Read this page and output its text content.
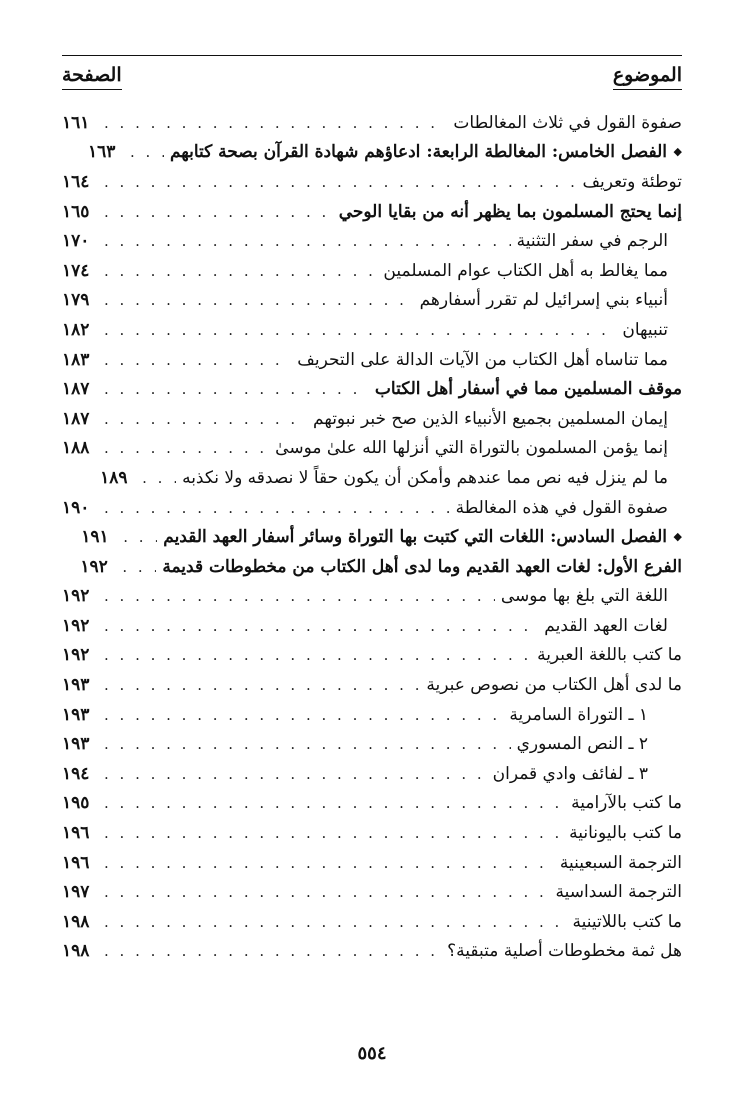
الموضوع
الصفحة
صفوة القول في ثلاث المغالطات
. . .
١٦١
◆
الفصل الخامس: المغالطة الرابعة: ادعاؤهم شهادة القرآن بصحة كتابهم
. . .
١٦٣
توطئة وتعريف
. . .
١٦٤
إنما يحتج المسلمون بما يظهر أنه من بقايا الوحي
. . .
١٦٥
الرجم في سفر التثنية
. . .
١٧٠
مما يغالط به أهل الكتاب عوام المسلمين
. . .
١٧٤
أنبياء بني إسرائيل لم تقرر أسفارهم
. . .
١٧٩
تنبيهان
. . .
١٨٢
مما تناساه أهل الكتاب من الآيات الدالة على التحريف
. . .
١٨٣
موقف المسلمين مما في أسفار أهل الكتاب
. . .
١٨٧
إيمان المسلمين بجميع الأنبياء الذين صح خبر نبوتهم
. . .
١٨٧
إنما يؤمن المسلمون بالتوراة التي أنزلها الله علىٰ موسىٰ
. . .
١٨٨
ما لم ينزل فيه نص مما عندهم وأمكن أن يكون حقاً لا نصدقه ولا نكذبه
. . .
١٨٩
صفوة القول في هذه المغالطة
. . .
١٩٠
◆
الفصل السادس: اللغات التي كتبت بها التوراة وسائر أسفار العهد القديم
. . .
١٩١
الفرع الأول: لغات العهد القديم وما لدى أهل الكتاب من مخطوطات قديمة
. . .
١٩٢
اللغة التي بلغ بها موسى
. . .
١٩٢
لغات العهد القديم
. . .
١٩٢
ما كتب باللغة العبرية
. . .
١٩٢
ما لدى أهل الكتاب من نصوص عبرية
. . .
١٩٣
١ ـ التوراة السامرية
. . .
١٩٣
٢ ـ النص المسوري
. . .
١٩٣
٣ ـ لفائف وادي قمران
. . .
١٩٤
ما كتب بالآرامية
. . .
١٩٥
ما كتب باليونانية
. . .
١٩٦
الترجمة السبعينية
. . .
١٩٦
الترجمة السداسية
. . .
١٩٧
ما كتب باللاتينية
. . .
١٩٨
هل ثمة مخطوطات أصلية متبقية؟
. . .
١٩٨
٥٥٤
